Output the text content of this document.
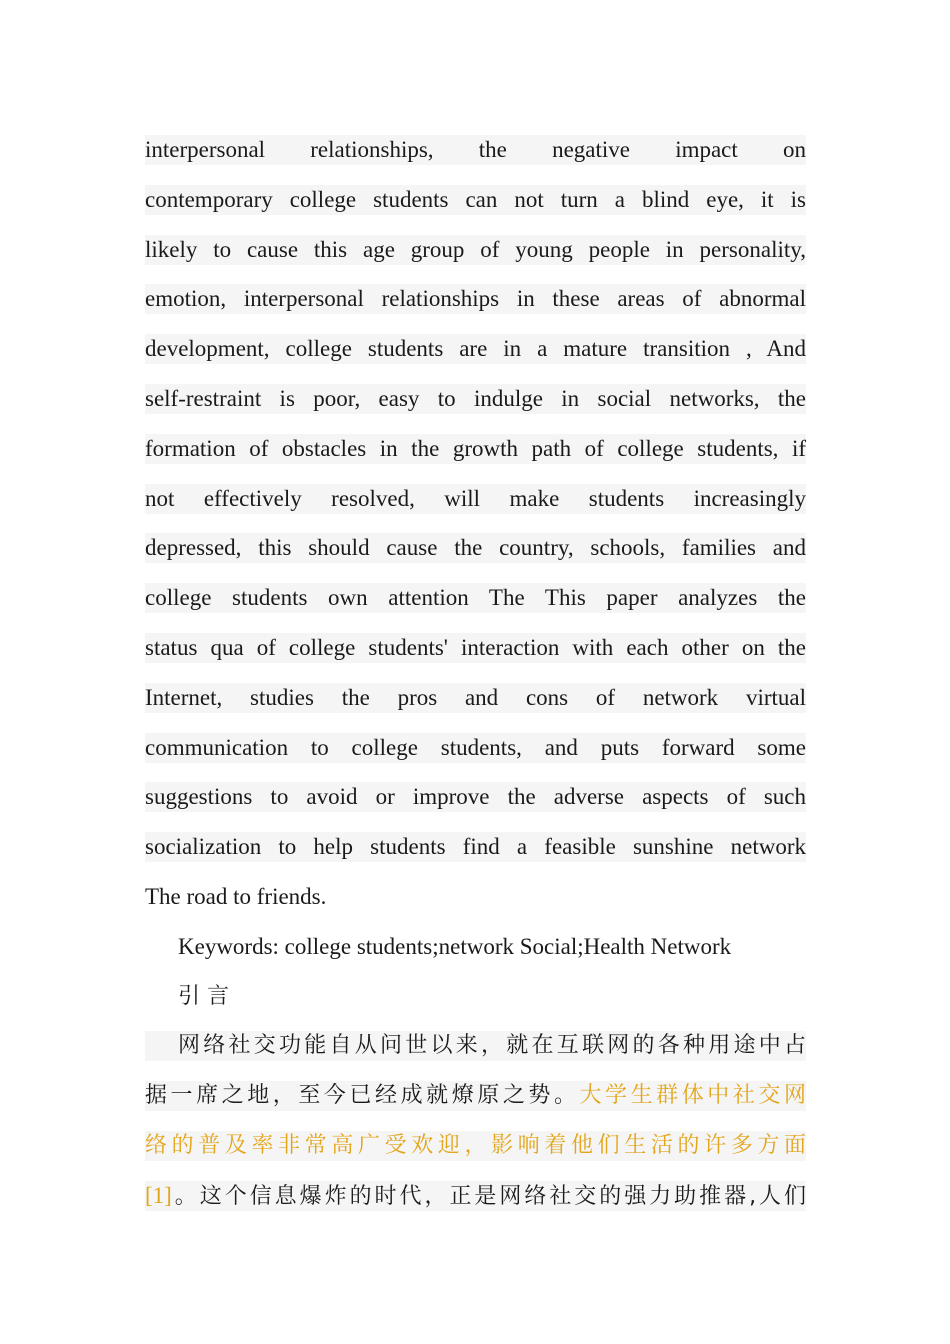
interpersonal relationships, the negative impact on
contemporary college students can not turn a blind eye, it is
likely to cause this age group of young people in personality,
emotion, interpersonal relationships in these areas of abnormal
development, college students are in a mature transition , And
self-restraint is poor, easy to indulge in social networks, the
formation of obstacles in the growth path of college students, if
not effectively resolved, will make students increasingly
depressed, this should cause the country, schools, families and
college students own attention The This paper analyzes the
status qua of college students' interaction with each other on the
Internet, studies the pros and cons of network virtual
communication to college students, and puts forward some
suggestions to avoid or improve the adverse aspects of such
socialization to help students find a feasible sunshine network
The road to friends.
Keywords: college students;network Social;Health Network
引 言
网络社交功能自从问世以来，就在互联网的各种用途中占
据一席之地，至今已经成就燎原之势。大学生群体中社交网
络的普及率非常高广受欢迎，影响着他们生活的许多方面
[1]。这个信息爆炸的时代，正是网络社交的强力助推器,人们
